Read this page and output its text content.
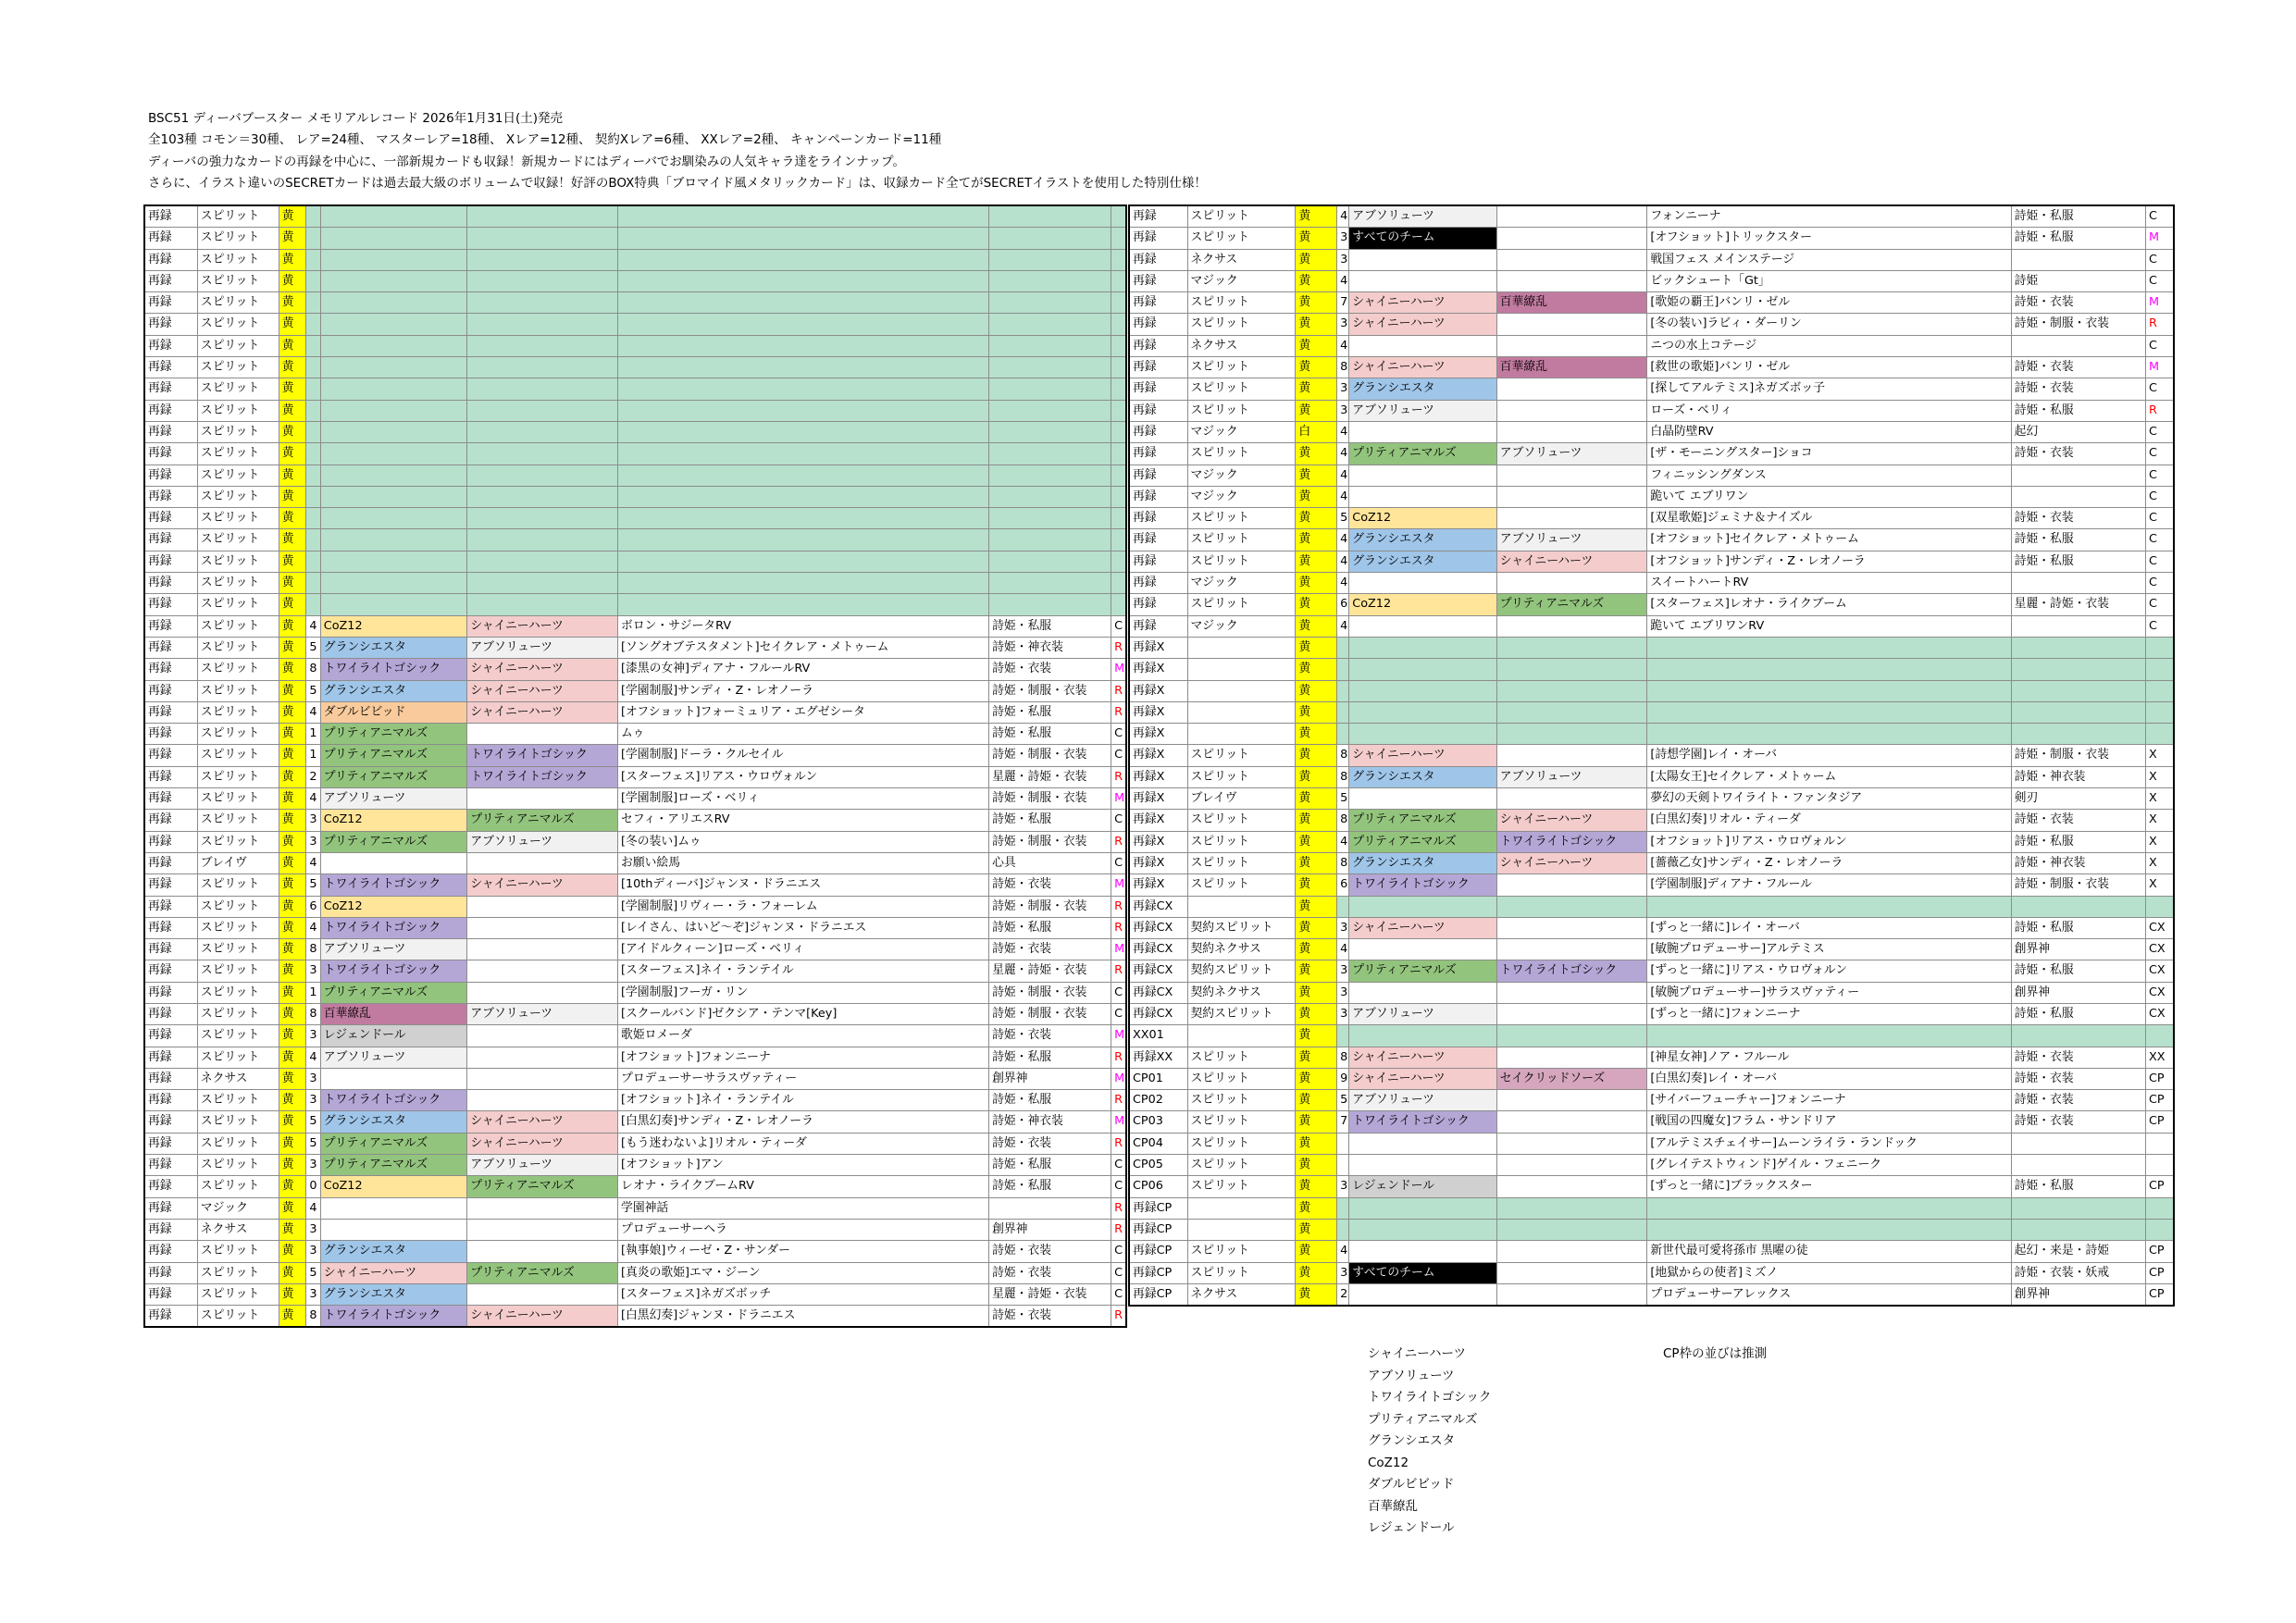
BSC51 ディーバブースター メモリアルレコード 2026年1月31日(土)発売
全103種 コモン＝30種、 レア=24種、 マスターレア=18種、 Xレア=12種、 契約Xレア=6種、 XXレア=2種、 キャンペーンカード=11種
ディーバの強力なカードの再録を中心に、一部新規カードも収録！新規カードにはディーバでお馴染みの人気キャラ達をラインナップ。
さらに、イラスト違いのSECRETカードは過去最大級のボリュームで収録！好評のBOX特典「ブロマイド風メタリックカード」は、収録カード全てがSECRETイラストを使用した特別仕様！
再録	スピリット	黄						
再録	スピリット	黄						
再録	スピリット	黄						
再録	スピリット	黄						
再録	スピリット	黄						
再録	スピリット	黄						
再録	スピリット	黄						
再録	スピリット	黄						
再録	スピリット	黄						
再録	スピリット	黄						
再録	スピリット	黄						
再録	スピリット	黄						
再録	スピリット	黄						
再録	スピリット	黄						
再録	スピリット	黄						
再録	スピリット	黄						
再録	スピリット	黄						
再録	スピリット	黄						
再録	スピリット	黄						
再録	スピリット	黄	4	CoZ12	シャイニーハーツ	ボロン・サジータRV	詩姫・私服	C
再録	スピリット	黄	5	グランシエスタ	アブソリューツ	[ソングオブテスタメント]セイクレア・メトゥーム	詩姫・神衣装	R
再録	スピリット	黄	8	トワイライトゴシック	シャイニーハーツ	[漆黒の女神]ディアナ・フルールRV	詩姫・衣装	M
再録	スピリット	黄	5	グランシエスタ	シャイニーハーツ	[学園制服]サンディ・Z・レオノーラ	詩姫・制服・衣装	R
再録	スピリット	黄	4	ダブルビビッド	シャイニーハーツ	[オフショット]フォーミュリア・エグゼシータ	詩姫・私服	R
再録	スピリット	黄	1	プリティアニマルズ		ムゥ	詩姫・私服	C
再録	スピリット	黄	1	プリティアニマルズ	トワイライトゴシック	[学園制服]ドーラ・クルセイル	詩姫・制服・衣装	C
再録	スピリット	黄	2	プリティアニマルズ	トワイライトゴシック	[スターフェス]リアス・ウロヴォルン	星麗・詩姫・衣装	R
再録	スピリット	黄	4	アブソリューツ		[学園制服]ローズ・ベリィ	詩姫・制服・衣装	M
再録	スピリット	黄	3	CoZ12	プリティアニマルズ	セフィ・アリエスRV	詩姫・私服	C
再録	スピリット	黄	3	プリティアニマルズ	アブソリューツ	[冬の装い]ムゥ	詩姫・制服・衣装	R
再録	ブレイヴ	黄	4			お願い絵馬	心具	C
再録	スピリット	黄	5	トワイライトゴシック	シャイニーハーツ	[10thディーバ]ジャンヌ・ドラニエス	詩姫・衣装	M
再録	スピリット	黄	6	CoZ12		[学園制服]リヴィー・ラ・フォーレム	詩姫・制服・衣装	R
再録	スピリット	黄	4	トワイライトゴシック		[レイさん、はいど～ぞ]ジャンヌ・ドラニエス	詩姫・私服	R
再録	スピリット	黄	8	アブソリューツ		[アイドルクィーン]ローズ・ベリィ	詩姫・衣装	M
再録	スピリット	黄	3	トワイライトゴシック		[スターフェス]ネイ・ランテイル	星麗・詩姫・衣装	R
再録	スピリット	黄	1	プリティアニマルズ		[学園制服]フーガ・リン	詩姫・制服・衣装	C
再録	スピリット	黄	8	百華繚乱	アブソリューツ	[スクールバンド]ゼクシア・テンマ[Key]	詩姫・制服・衣装	C
再録	スピリット	黄	3	レジェンドール		歌姫ロメーダ	詩姫・衣装	M
再録	スピリット	黄	4	アブソリューツ		[オフショット]フォンニーナ	詩姫・私服	R
再録	ネクサス	黄	3			プロデューサーサラスヴァティー	創界神	M
再録	スピリット	黄	3	トワイライトゴシック		[オフショット]ネイ・ランテイル	詩姫・私服	R
再録	スピリット	黄	5	グランシエスタ	シャイニーハーツ	[白黒幻奏]サンディ・Z・レオノーラ	詩姫・神衣装	M
再録	スピリット	黄	5	プリティアニマルズ	シャイニーハーツ	[もう迷わないよ]リオル・ティーダ	詩姫・衣装	R
再録	スピリット	黄	3	プリティアニマルズ	アブソリューツ	[オフショット]アン	詩姫・私服	C
再録	スピリット	黄	0	CoZ12	プリティアニマルズ	レオナ・ライクブームRV	詩姫・私服	C
再録	マジック	黄	4			学園神話		R
再録	ネクサス	黄	3			プロデューサーヘラ	創界神	R
再録	スピリット	黄	3	グランシエスタ		[執事娘]ウィーゼ・Z・サンダー	詩姫・衣装	C
再録	スピリット	黄	5	シャイニーハーツ	プリティアニマルズ	[真炎の歌姫]エマ・ジーン	詩姫・衣装	C
再録	スピリット	黄	3	グランシエスタ		[スターフェス]ネガズボッチ	星麗・詩姫・衣装	C
再録	スピリット	黄	8	トワイライトゴシック	シャイニーハーツ	[白黒幻奏]ジャンヌ・ドラニエス	詩姫・衣装	R
再録	スピリット	黄	4	アブソリューツ		フォンニーナ	詩姫・私服	C
再録	スピリット	黄	3	すべてのチーム		[オフショット]トリックスター	詩姫・私服	M
再録	ネクサス	黄	3			戦国フェス メインステージ		C
再録	マジック	黄	4			ビックシュート「Gt」	詩姫	C
再録	スピリット	黄	7	シャイニーハーツ	百華繚乱	[歌姫の覇王]バンリ・ゼル	詩姫・衣装	M
再録	スピリット	黄	3	シャイニーハーツ		[冬の装い]ラビィ・ダーリン	詩姫・制服・衣装	R
再録	ネクサス	黄	4			ニつの水上コテージ		C
再録	スピリット	黄	8	シャイニーハーツ	百華繚乱	[救世の歌姫]バンリ・ゼル	詩姫・衣装	M
再録	スピリット	黄	3	グランシエスタ		[探してアルテミス]ネガズボッ子	詩姫・衣装	C
再録	スピリット	黄	3	アブソリューツ		ローズ・ベリィ	詩姫・私服	R
再録	マジック	白	4			白晶防壁RV	起幻	C
再録	スピリット	黄	4	プリティアニマルズ	アブソリューツ	[ザ・モーニングスター]ショコ	詩姫・衣装	C
再録	マジック	黄	4			フィニッシングダンス		C
再録	マジック	黄	4			跪いて エブリワン		C
再録	スピリット	黄	5	CoZ12		[双星歌姫]ジェミナ＆ナイズル	詩姫・衣装	C
再録	スピリット	黄	4	グランシエスタ	アブソリューツ	[オフショット]セイクレア・メトゥーム	詩姫・私服	C
再録	スピリット	黄	4	グランシエスタ	シャイニーハーツ	[オフショット]サンディ・Z・レオノーラ	詩姫・私服	C
再録	マジック	黄	4			スイートハートRV		C
再録	スピリット	黄	6	CoZ12	プリティアニマルズ	[スターフェス]レオナ・ライクブーム	星麗・詩姫・衣装	C
再録	マジック	黄	4			跪いて エブリワンRV		C
再録X		黄						
再録X		黄						
再録X		黄						
再録X		黄						
再録X		黄						
再録X	スピリット	黄	8	シャイニーハーツ		[詩想学園]レイ・オーバ	詩姫・制服・衣装	X
再録X	スピリット	黄	8	グランシエスタ	アブソリューツ	[太陽女王]セイクレア・メトゥーム	詩姫・神衣装	X
再録X	ブレイヴ	黄	5			夢幻の天剣トワイライト・ファンタジア	剣刃	X
再録X	スピリット	黄	8	プリティアニマルズ	シャイニーハーツ	[白黒幻奏]リオル・ティーダ	詩姫・衣装	X
再録X	スピリット	黄	4	プリティアニマルズ	トワイライトゴシック	[オフショット]リアス・ウロヴォルン	詩姫・私服	X
再録X	スピリット	黄	8	グランシエスタ	シャイニーハーツ	[薔薇乙女]サンディ・Z・レオノーラ	詩姫・神衣装	X
再録X	スピリット	黄	6	トワイライトゴシック		[学園制服]ディアナ・フルール	詩姫・制服・衣装	X
再録CX		黄						
再録CX	契約スピリット	黄	3	シャイニーハーツ		[ずっと一緒に]レイ・オーバ	詩姫・私服	CX
再録CX	契約ネクサス	黄	4			[敏腕プロデューサー]アルテミス	創界神	CX
再録CX	契約スピリット	黄	3	プリティアニマルズ	トワイライトゴシック	[ずっと一緒に]リアス・ウロヴォルン	詩姫・私服	CX
再録CX	契約ネクサス	黄	3			[敏腕プロデューサー]サラスヴァティー	創界神	CX
再録CX	契約スピリット	黄	3	アブソリューツ		[ずっと一緒に]フォンニーナ	詩姫・私服	CX
XX01		黄						
再録XX	スピリット	黄	8	シャイニーハーツ		[神星女神]ノア・フルール	詩姫・衣装	XX
CP01	スピリット	黄	9	シャイニーハーツ	セイクリッドソーズ	[白黒幻奏]レイ・オーバ	詩姫・衣装	CP
CP02	スピリット	黄	5	アブソリューツ		[サイバーフューチャー]フォンニーナ	詩姫・衣装	CP
CP03	スピリット	黄	7	トワイライトゴシック		[戦国の四魔女]フラム・サンドリア	詩姫・衣装	CP
CP04	スピリット	黄				[アルテミスチェイサー]ムーンライラ・ランドック		
CP05	スピリット	黄				[グレイテストウィンド]ゲイル・フェニーク		
CP06	スピリット	黄	3	レジェンドール		[ずっと一緒に]ブラックスター	詩姫・私服	CP
再録CP		黄						
再録CP		黄						
再録CP	スピリット	黄	4			新世代最可愛将孫市 黒曜の徒	起幻・来是・詩姫	CP
再録CP	スピリット	黄	3	すべてのチーム		[地獄からの使者]ミズノ	詩姫・衣装・妖戒	CP
再録CP	ネクサス	黄	2			プロデューサーアレックス	創界神	CP
シャイニーハーツ
アブソリューツ
トワイライトゴシック
プリティアニマルズ
グランシエスタ
CoZ12
ダブルビビッド
百華繚乱
レジェンドール
CP枠の並びは推測
